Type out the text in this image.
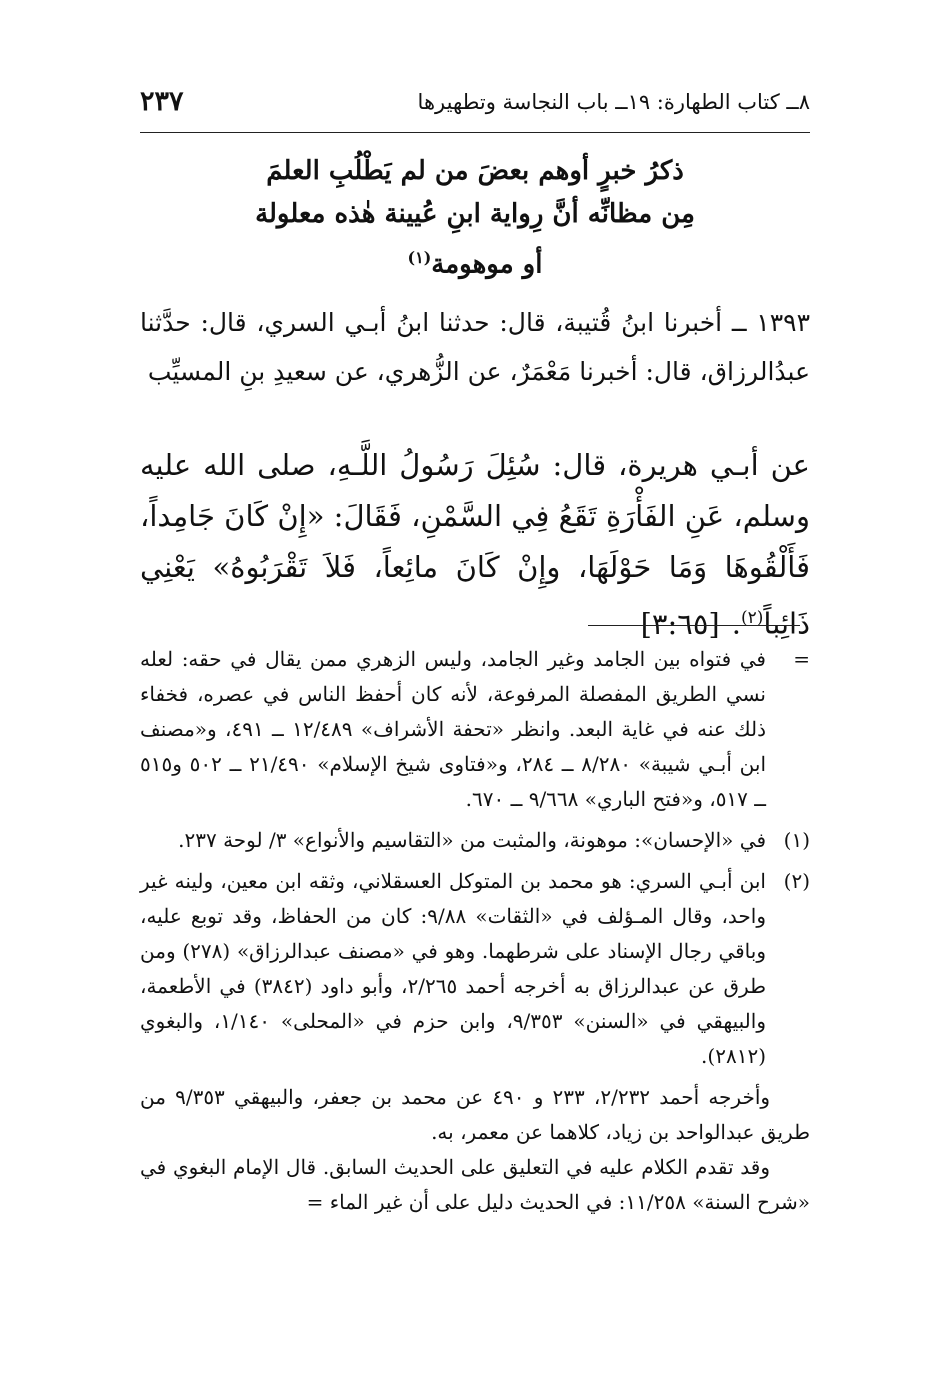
٨ــ كتاب الطهارة: ١٩ــ باب النجاسة وتطهيرها
٢٣٧
ذكرُ خبرٍ أوهم بعضَ من لم يَطْلُبِ العلمَ
مِن مظانِّه أنَّ رِواية ابنِ عُيينة هٰذه معلولة
أو موهومة$^{(١)}$
١٣٩٣ ــ أخبرنا ابنُ قُتيبة، قال: حدثنا ابنُ أبـي السري، قال: حدَّثنا عبدُالرزاق، قال: أخبرنا مَعْمَرٌ، عن الزُّهري، عن سعيدِ بنِ المسيِّب
عن أبـي هريرة، قال: سُئِلَ رَسُولُ اللَّـهِ، صلى الله عليه وسلم، عَنِ الفَأْرَةِ تَقَعُ فِي السَّمْنِ، فَقَالَ: «إِنْ كَانَ جَامِداً، فَأَلْقُوهَا وَمَا حَوْلَهَا، وإِنْ كَانَ مائِعاً، فَلاَ تَقْرَبُوهُ» يَعْنِي ذَائِباً$^{(٢)}$.[٣:٦٥]
=
في فتواه بين الجامد وغير الجامد، وليس الزهري ممن يقال في حقه: لعله نسي الطريق المفصلة المرفوعة، لأنه كان أحفظ الناس في عصره، فخفاء ذلك عنه في غاية البعد. وانظر «تحفة الأشراف» ١٢/٤٨٩ ــ ٤٩١، و«مصنف ابن أبـي شيبة» ٨/٢٨٠ ــ ٢٨٤، و«فتاوى شيخ الإسلام» ٢١/٤٩٠ ــ ٥٠٢ و٥١٥ ــ ٥١٧، و«فتح الباري» ٩/٦٦٨ ــ ٦٧٠.
(١)
في «الإحسان»: موهونة، والمثبت من «التقاسيم والأنواع» ٣/ لوحة ٢٣٧.
(٢)
ابن أبـي السري: هو محمد بن المتوكل العسقلاني، وثقه ابن معين، ولينه غير واحد، وقال المـؤلف في «الثقات» ٩/٨٨: كان من الحفاظ، وقد توبع عليه، وباقي رجال الإسناد على شرطهما. وهو في «مصنف عبدالرزاق» (٢٧٨) ومن طرق عن عبدالرزاق به أخرجه أحمد ٢/٢٦٥، وأبو داود (٣٨٤٢) في الأطعمة، والبيهقي في «السنن» ٩/٣٥٣، وابن حزم في «المحلى» ١/١٤٠، والبغوي (٢٨١٢).
وأخرجه أحمد ٢/٢٣٢، ٢٣٣ و ٤٩٠ عن محمد بن جعفر، والبيهقي ٩/٣٥٣ من طريق عبدالواحد بن زياد، كلاهما عن معمر، به.
وقد تقدم الكلام عليه في التعليق على الحديث السابق. قال الإمام البغوي في «شرح السنة» ١١/٢٥٨: في الحديث دليل على أن غير الماء =
